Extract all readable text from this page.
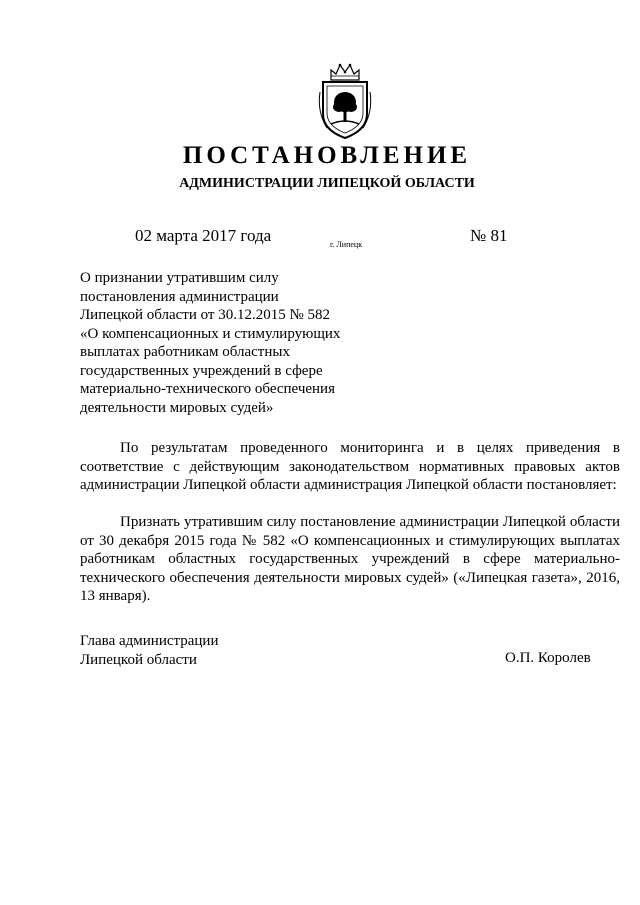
ПОСТАНОВЛЕНИЕ
АДМИНИСТРАЦИИ ЛИПЕЦКОЙ ОБЛАСТИ
02 марта 2017 года	г. Липецк	№ 81
О признании утратившим силу
постановления администрации
Липецкой области от 30.12.2015 № 582
«О компенсационных и стимулирующих
выплатах работникам областных
государственных учреждений в сфере
материально-технического обеспечения
деятельности мировых судей»

По результатам проведенного мониторинга и в целях приведения в соответствие с действующим законодательством нормативных правовых актов администрации Липецкой области администрация Липецкой области постановляет:

Признать утратившим силу постановление администрации Липецкой области от 30 декабря 2015 года № 582 «О компенсационных и стимулирующих выплатах работникам областных государственных учреждений в сфере материально-технического обеспечения деятельности мировых судей» («Липецкая газета», 2016, 13 января).

Глава администрации
Липецкой области	О.П. Королев
